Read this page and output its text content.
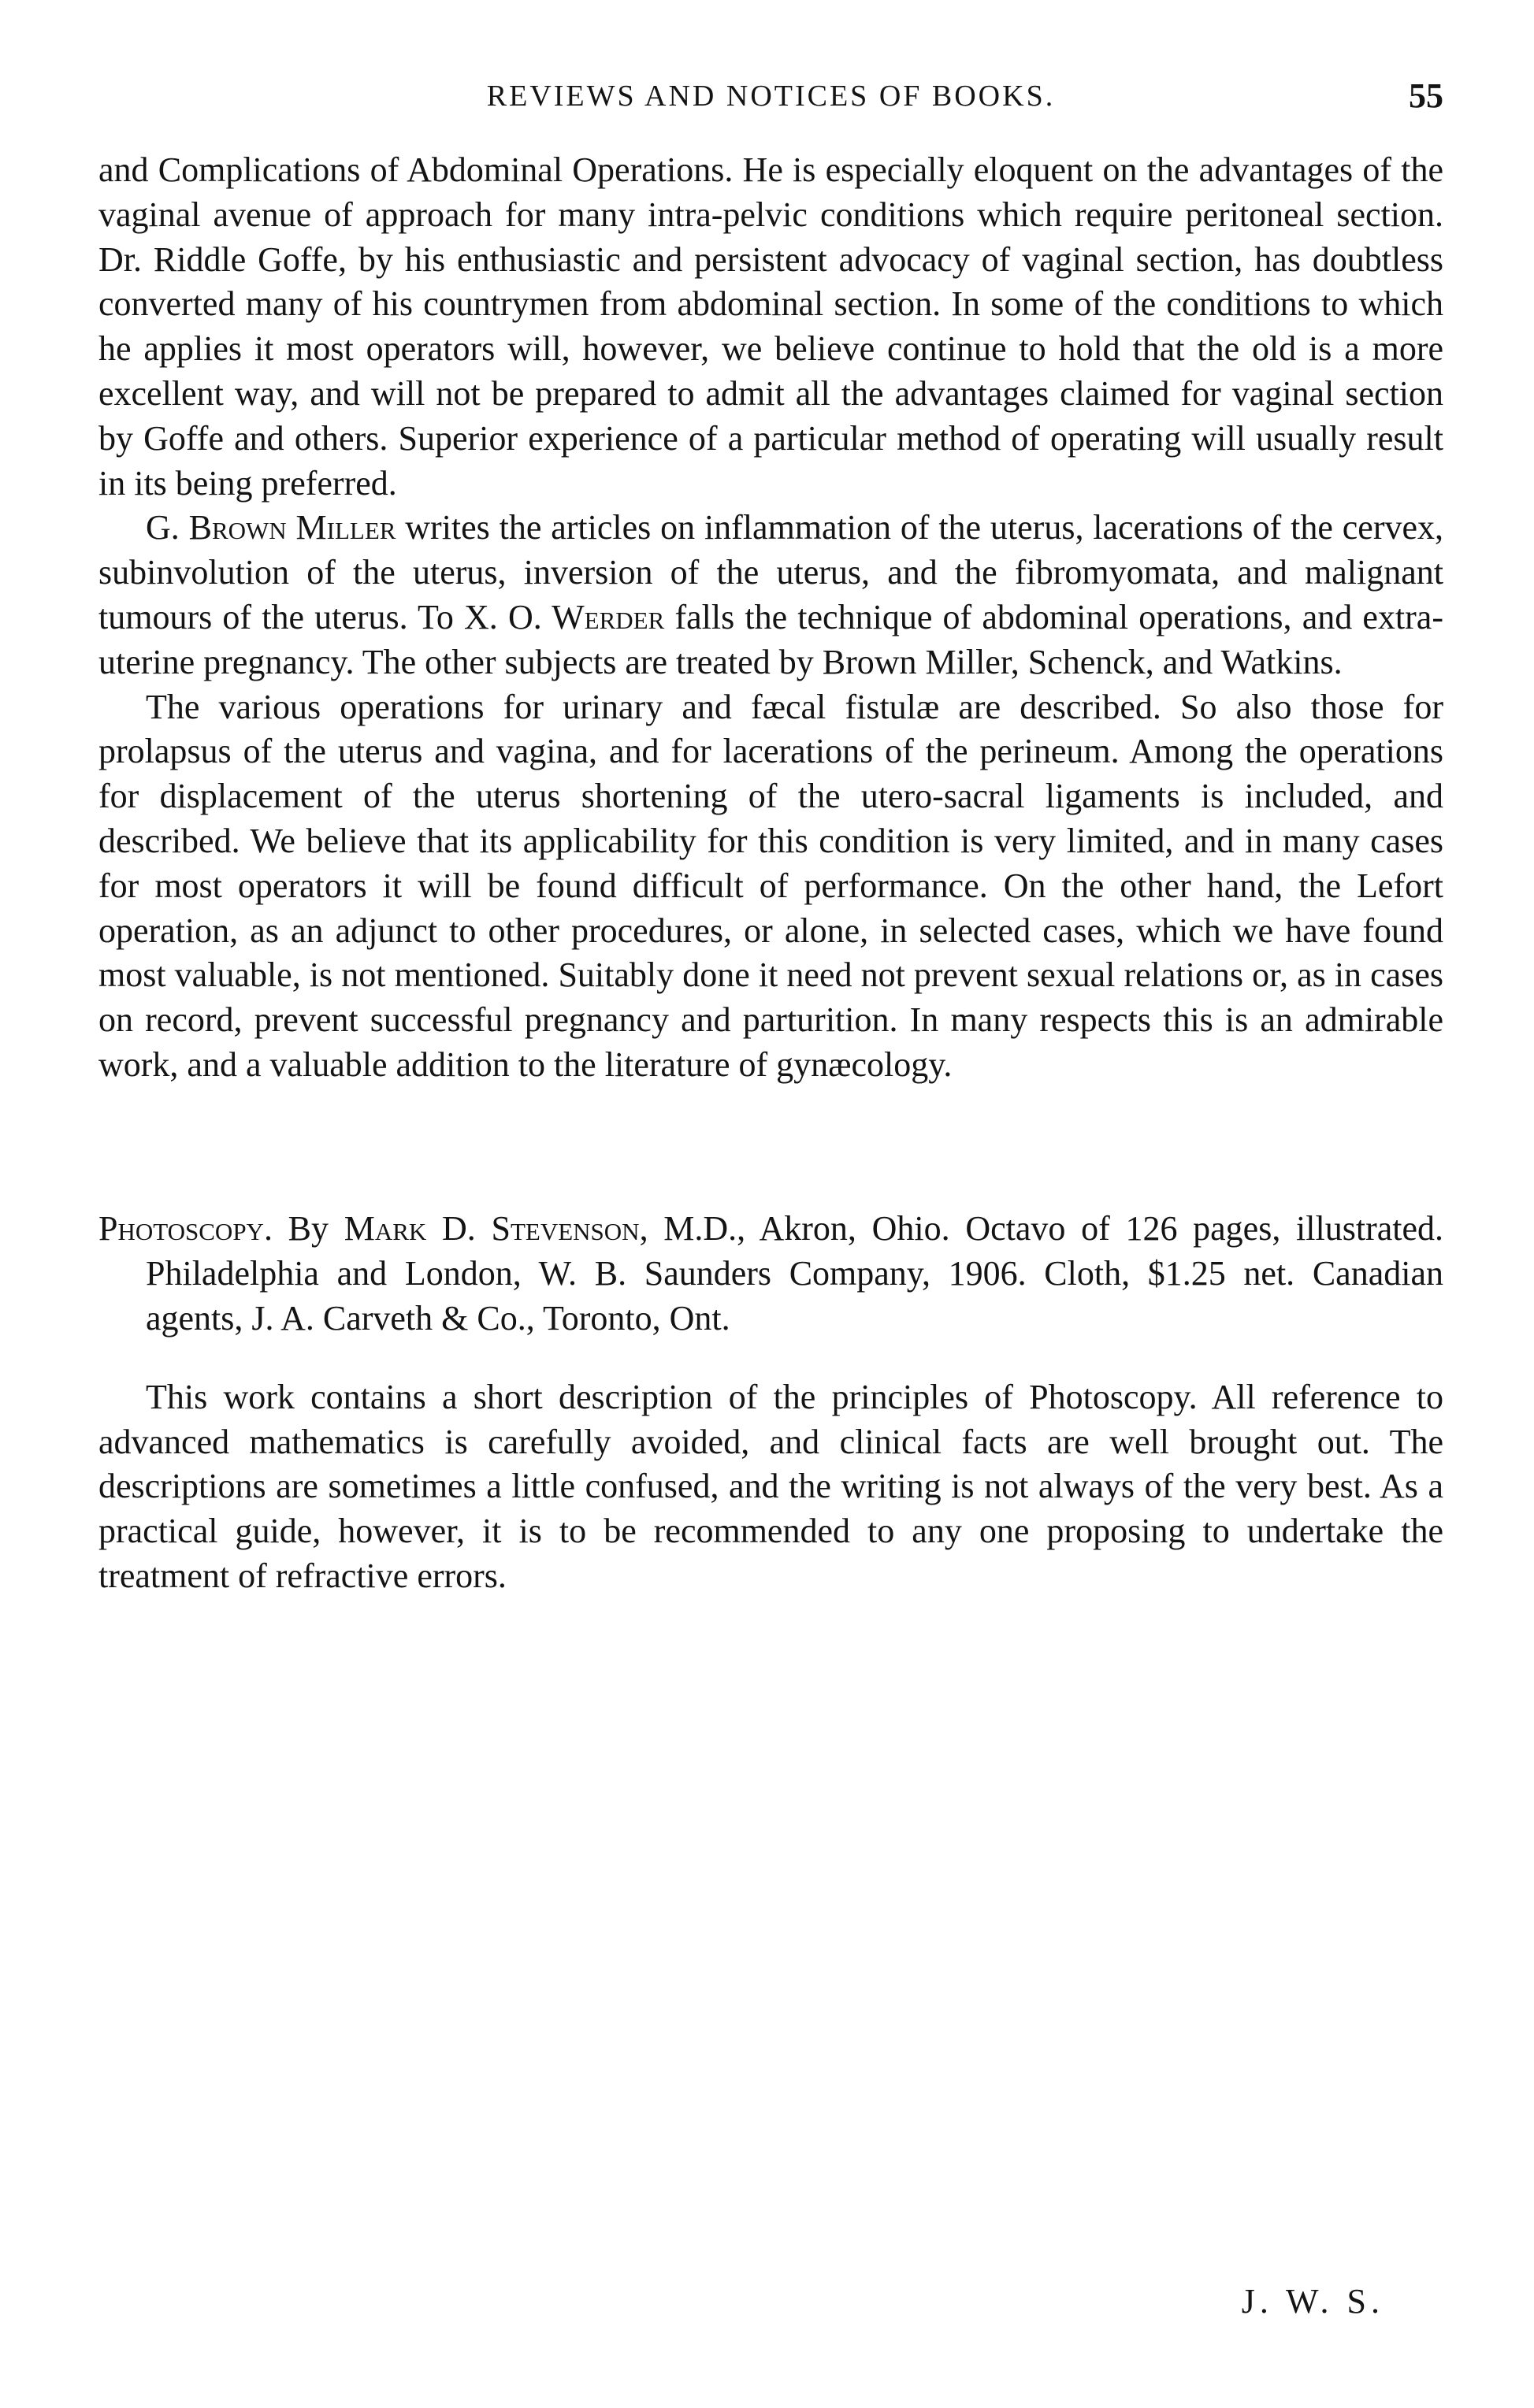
REVIEWS AND NOTICES OF BOOKS.	55

and Complications of Abdominal Operations. He is especially eloquent on the advantages of the vaginal avenue of approach for many intra-pelvic conditions which require peritoneal section. Dr. Riddle Goffe, by his enthusiastic and persistent advocacy of vaginal section, has doubtless converted many of his countrymen from abdominal section. In some of the conditions to which he applies it most operators will, however, we believe continue to hold that the old is a more excellent way, and will not be prepared to admit all the advantages claimed for vaginal section by Goffe and others. Superior experience of a particular method of operating will usually result in its being preferred.

G. Brown Miller writes the articles on inflammation of the uterus, lacerations of the cervex, subinvolution of the uterus, inversion of the uterus, and the fibromyomata, and malignant tumours of the uterus. To X. O. Werder falls the technique of abdominal operations, and extra-uterine pregnancy. The other subjects are treated by Brown Miller, Schenck, and Watkins.

The various operations for urinary and fæcal fistulæ are described. So also those for prolapsus of the uterus and vagina, and for lacerations of the perineum. Among the operations for displacement of the uterus shortening of the utero-sacral ligaments is included, and described. We believe that its applicability for this condition is very limited, and in many cases for most operators it will be found difficult of performance. On the other hand, the Lefort operation, as an adjunct to other procedures, or alone, in selected cases, which we have found most valuable, is not mentioned. Suitably done it need not prevent sexual relations or, as in cases on record, prevent successful pregnancy and parturition. In many respects this is an admirable work, and a valuable addition to the literature of gynæcology.

Photoscopy. By Mark D. Stevenson, M.D., Akron, Ohio. Octavo of 126 pages, illustrated. Philadelphia and London, W. B. Saunders Company, 1906. Cloth, $1.25 net. Canadian agents, J. A. Carveth & Co., Toronto, Ont.

This work contains a short description of the principles of Photoscopy. All reference to advanced mathematics is carefully avoided, and clinical facts are well brought out. The descriptions are sometimes a little confused, and the writing is not always of the very best. As a practical guide, however, it is to be recommended to any one proposing to undertake the treatment of refractive errors.

J. W. S.
